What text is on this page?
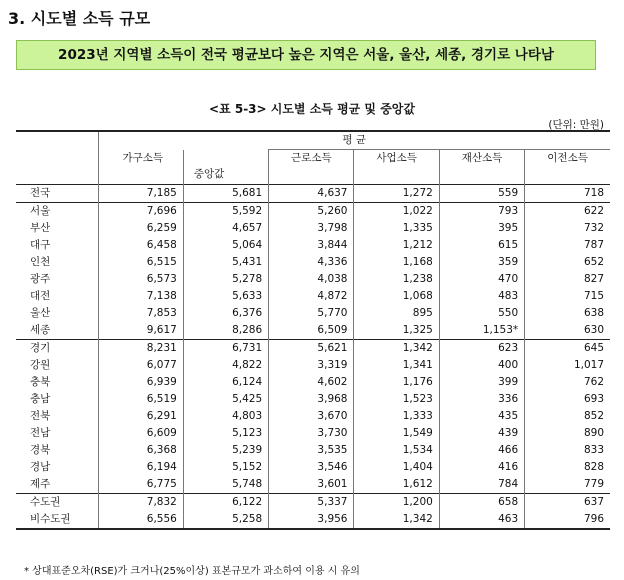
3. 시도별 소득 규모
2023년 지역별 소득이 전국 평균보다 높은 지역은 서울, 울산, 세종, 경기로 나타남
<표 5-3> 시도별 소득 평균 및 중앙값
(단위: 만원)
	평 균					
	가구소득		근로소득	사업소득	재산소득	이전소득
		중앙값				
전국	7,185	5,681	4,637	1,272	559	718
서울	7,696	5,592	5,260	1,022	793	622
부산	6,259	4,657	3,798	1,335	395	732
대구	6,458	5,064	3,844	1,212	615	787
인천	6,515	5,431	4,336	1,168	359	652
광주	6,573	5,278	4,038	1,238	470	827
대전	7,138	5,633	4,872	1,068	483	715
울산	7,853	6,376	5,770	895	550	638
세종	9,617	8,286	6,509	1,325	1,153*	630
경기	8,231	6,731	5,621	1,342	623	645
강원	6,077	4,822	3,319	1,341	400	1,017
충북	6,939	6,124	4,602	1,176	399	762
충남	6,519	5,425	3,968	1,523	336	693
전북	6,291	4,803	3,670	1,333	435	852
전남	6,609	5,123	3,730	1,549	439	890
경북	6,368	5,239	3,535	1,534	466	833
경남	6,194	5,152	3,546	1,404	416	828
제주	6,775	5,748	3,601	1,612	784	779
수도권	7,832	6,122	5,337	1,200	658	637
비수도권	6,556	5,258	3,956	1,342	463	796
* 상대표준오차(RSE)가 크거나(25%이상) 표본규모가 과소하여 이용 시 유의
